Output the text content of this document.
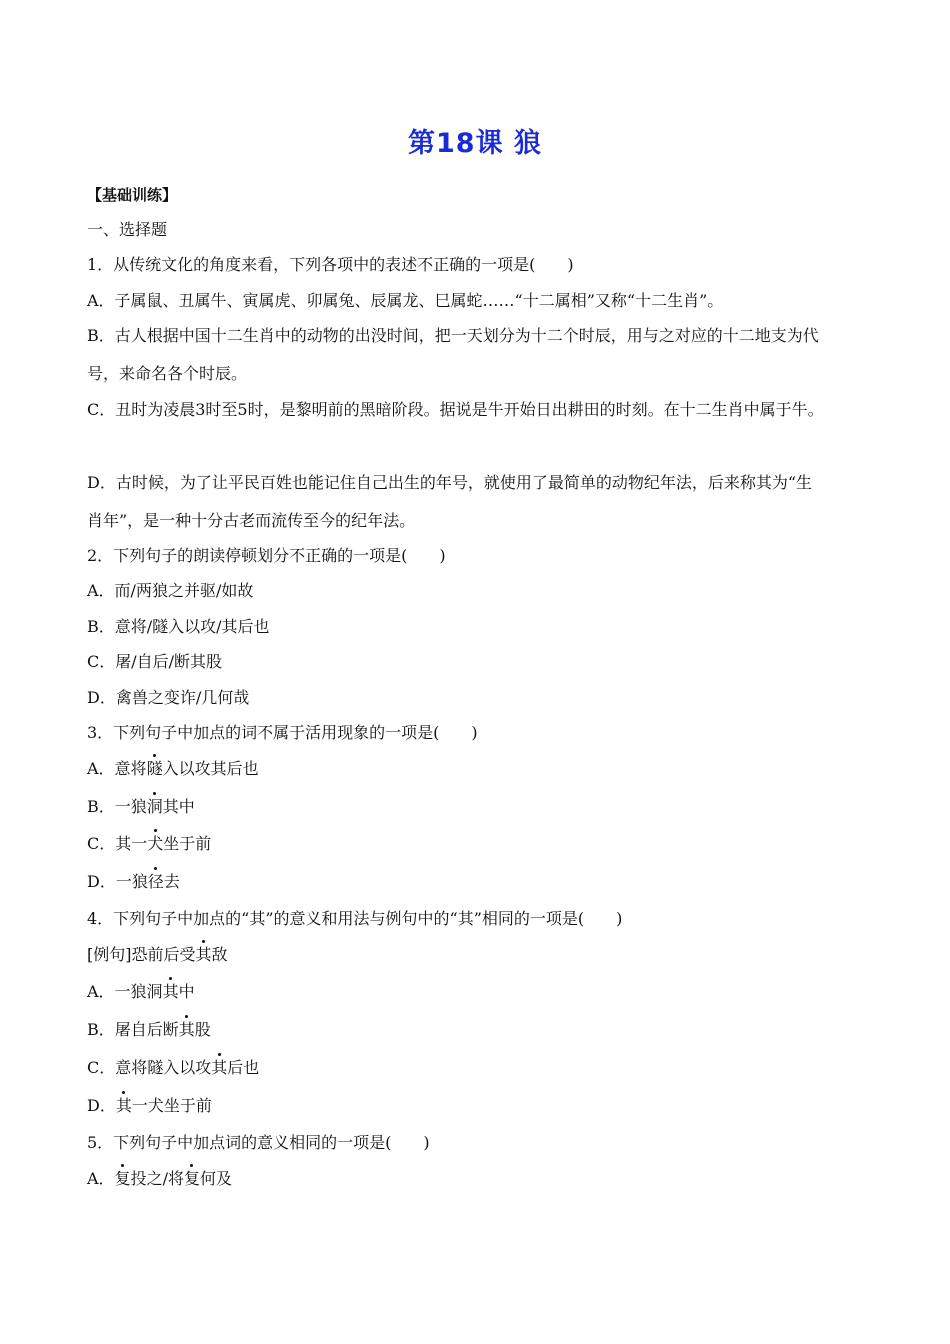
第18课 狼
【基础训练】
一、选择题
1．从传统文化的角度来看，下列各项中的表述不正确的一项是(　　)
A．子属鼠、丑属牛、寅属虎、卯属兔、辰属龙、巳属蛇……“十二属相”又称“十二生肖”。
B．古人根据中国十二生肖中的动物的出没时间，把一天划分为十二个时辰，用与之对应的十二地支为代
号，来命名各个时辰。
C．丑时为凌晨3时至5时，是黎明前的黑暗阶段。据说是牛开始日出耕田的时刻。在十二生肖中属于牛。
D．古时候，为了让平民百姓也能记住自己出生的年号，就使用了最简单的动物纪年法，后来称其为“生
肖年”，是一种十分古老而流传至今的纪年法。
2．下列句子的朗读停顿划分不正确的一项是(　　)
A．而/两狼之并驱/如故
B．意将/隧入以攻/其后也
C．屠/自后/断其股
D．禽兽之变诈/几何哉
3．下列句子中加点的词不属于活用现象的一项是(　　)
A．意将隧入以攻其后也
B．一狼洞其中
C．其一犬坐于前
D．一狼径去
4．下列句子中加点的“其”的意义和用法与例句中的“其”相同的一项是(　　)
[例句]恐前后受其敌
A．一狼洞其中
B．屠自后断其股
C．意将隧入以攻其后也
D．其一犬坐于前
5．下列句子中加点词的意义相同的一项是(　　)
A．复投之/将复何及
